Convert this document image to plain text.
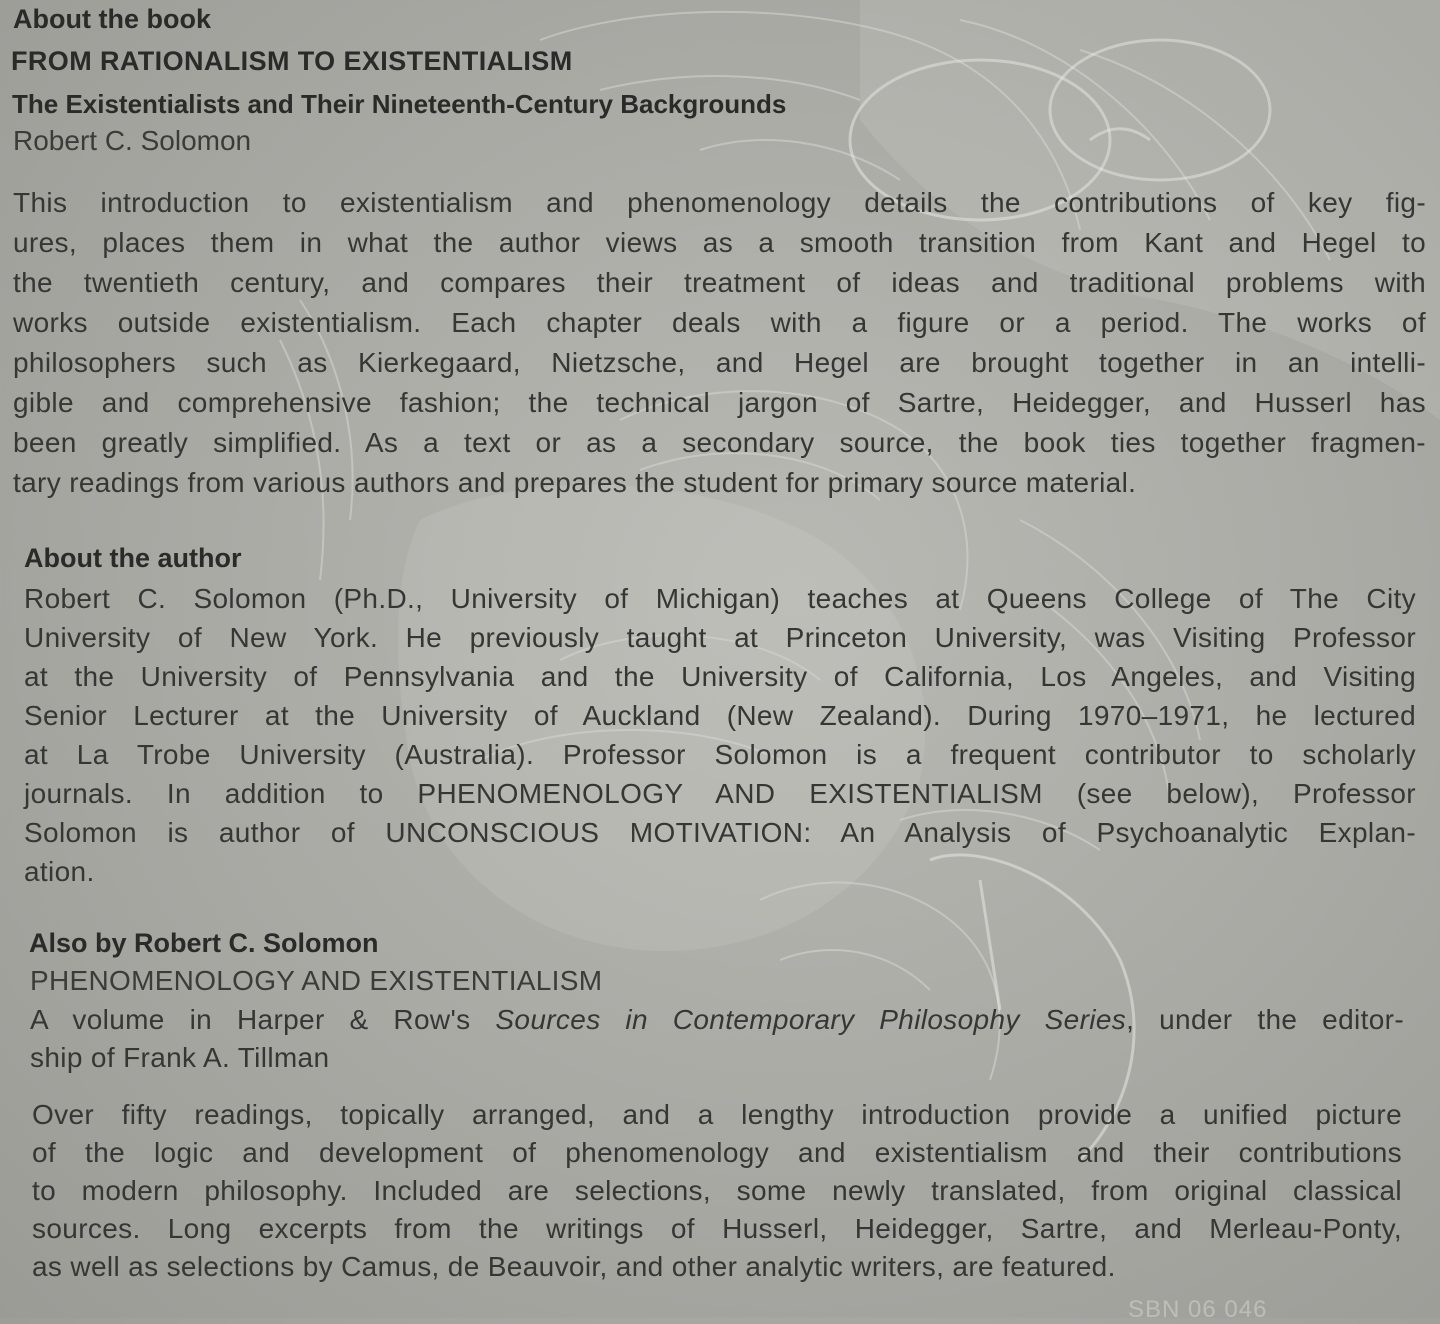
About the book
FROM RATIONALISM TO EXISTENTIALISM
The Existentialists and Their Nineteenth-Century Backgrounds
Robert C. Solomon
This introduction to existentialism and phenomenology details the contributions of key fig-
ures, places them in what the author views as a smooth transition from Kant and Hegel to
the twentieth century, and compares their treatment of ideas and traditional problems with
works outside existentialism. Each chapter deals with a figure or a period. The works of
philosophers such as Kierkegaard, Nietzsche, and Hegel are brought together in an intelli-
gible and comprehensive fashion; the technical jargon of Sartre, Heidegger, and Husserl has
been greatly simplified. As a text or as a secondary source, the book ties together fragmen-
tary readings from various authors and prepares the student for primary source material.
About the author
Robert C. Solomon (Ph.D., University of Michigan) teaches at Queens College of The City
University of New York. He previously taught at Princeton University, was Visiting Professor
at the University of Pennsylvania and the University of California, Los Angeles, and Visiting
Senior Lecturer at the University of Auckland (New Zealand). During 1970–1971, he lectured
at La Trobe University (Australia). Professor Solomon is a frequent contributor to scholarly
journals. In addition to PHENOMENOLOGY AND EXISTENTIALISM (see below), Professor
Solomon is author of UNCONSCIOUS MOTIVATION: An Analysis of Psychoanalytic Explan-
ation.
Also by Robert C. Solomon
PHENOMENOLOGY AND EXISTENTIALISM
A volume in Harper & Row's Sources in Contemporary Philosophy Series, under the editor-
ship of Frank A. Tillman
Over fifty readings, topically arranged, and a lengthy introduction provide a unified picture
of the logic and development of phenomenology and existentialism and their contributions
to modern philosophy. Included are selections, some newly translated, from original classical
sources. Long excerpts from the writings of Husserl, Heidegger, Sartre, and Merleau-Ponty,
as well as selections by Camus, de Beauvoir, and other analytic writers, are featured.
SBN 06 046
